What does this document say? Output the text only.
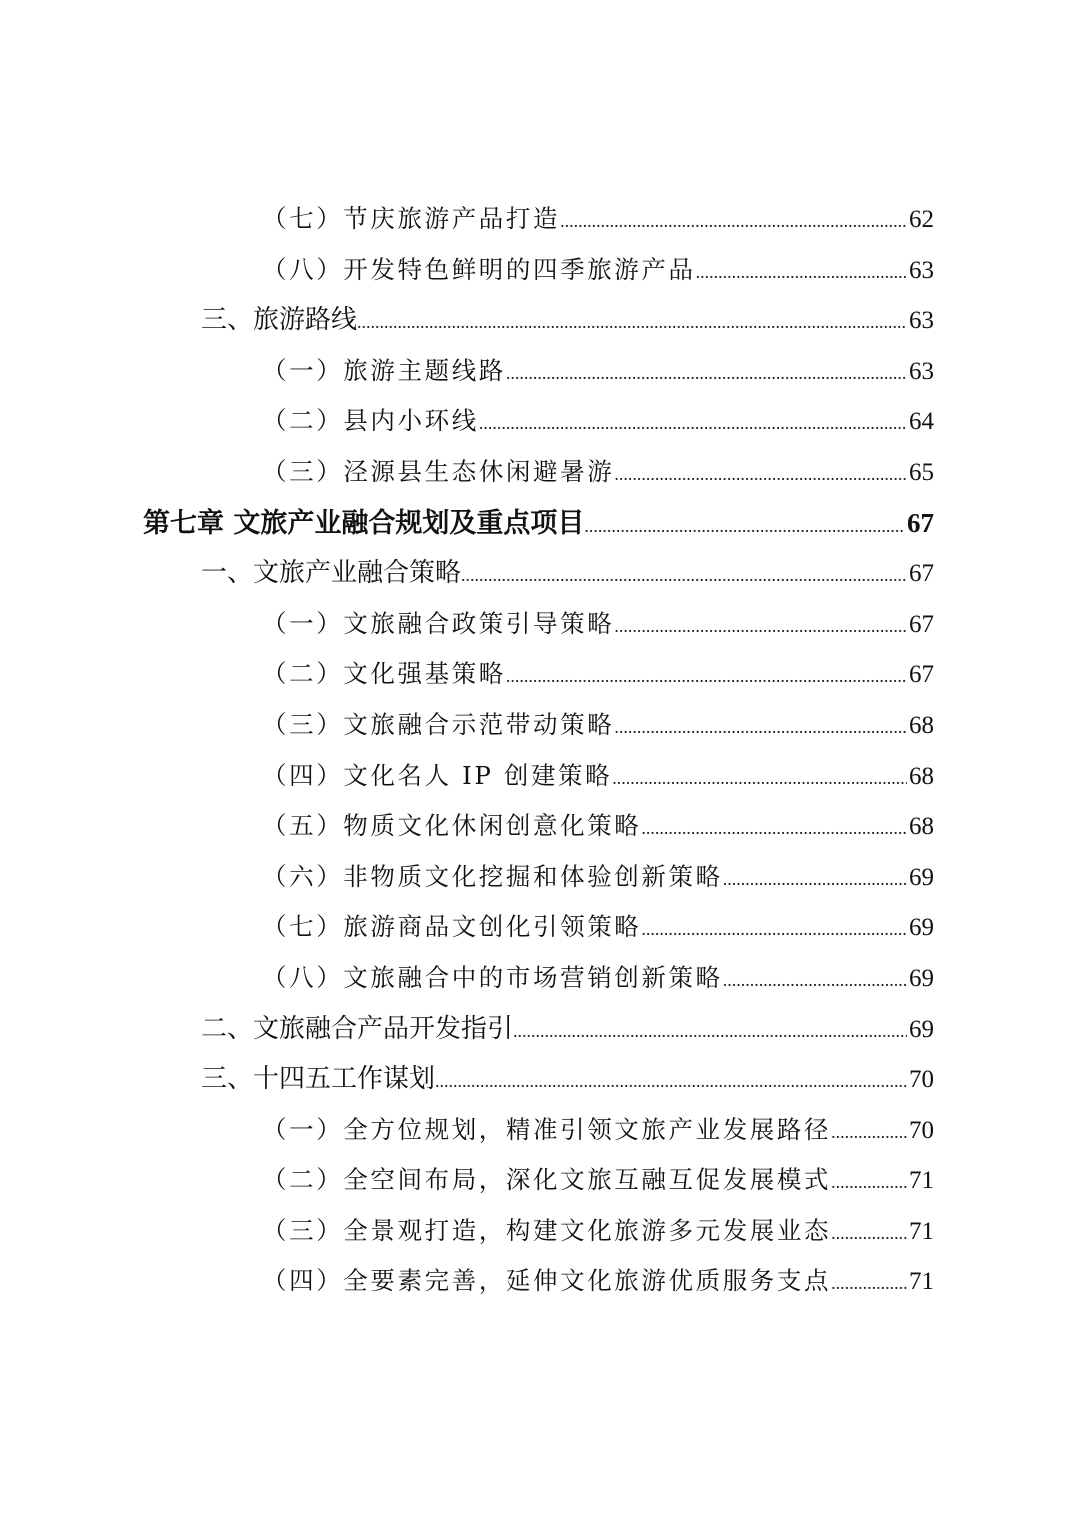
（七）节庆旅游产品打造 .....	62
（八）开发特色鲜明的四季旅游产品 .....	63
三、旅游路线 .....	63
（一）旅游主题线路 .....	63
（二）县内小环线 .....	64
（三）泾源县生态休闲避暑游 .....	65
第七章 文旅产业融合规划及重点项目 .....	67
一、文旅产业融合策略 .....	67
（一）文旅融合政策引导策略 .....	67
（二）文化强基策略 .....	67
（三）文旅融合示范带动策略 .....	68
（四）文化名人 IP 创建策略 .....	68
（五）物质文化休闲创意化策略 .....	68
（六）非物质文化挖掘和体验创新策略 .....	69
（七）旅游商品文创化引领策略 .....	69
（八）文旅融合中的市场营销创新策略 .....	69
二、文旅融合产品开发指引 .....	69
三、十四五工作谋划 .....	70
（一）全方位规划，精准引领文旅产业发展路径 .....	70
（二）全空间布局，深化文旅互融互促发展模式 .....	71
（三）全景观打造，构建文化旅游多元发展业态 .....	71
（四）全要素完善，延伸文化旅游优质服务支点 .....	71
